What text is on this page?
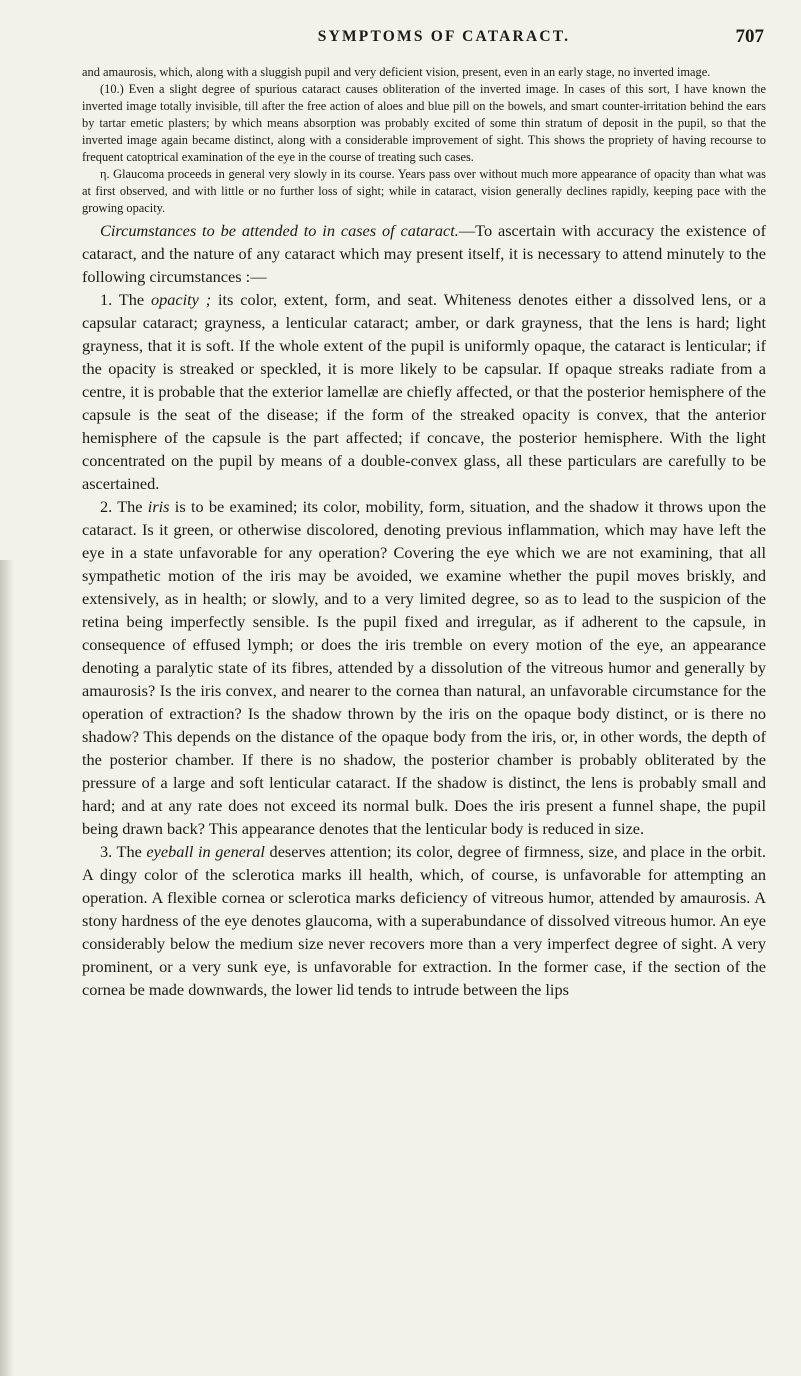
SYMPTOMS OF CATARACT.	707

and amaurosis, which, along with a sluggish pupil and very deficient vision, present, even in an early stage, no inverted image.

(10.) Even a slight degree of spurious cataract causes obliteration of the inverted image. In cases of this sort, I have known the inverted image totally invisible, till after the free action of aloes and blue pill on the bowels, and smart counter-irritation behind the ears by tartar emetic plasters; by which means absorption was probably excited of some thin stratum of deposit in the pupil, so that the inverted image again became distinct, along with a considerable improvement of sight. This shows the propriety of having recourse to frequent catoptrical examination of the eye in the course of treating such cases.

η. Glaucoma proceeds in general very slowly in its course. Years pass over without much more appearance of opacity than what was at first observed, and with little or no further loss of sight; while in cataract, vision generally declines rapidly, keeping pace with the growing opacity.

Circumstances to be attended to in cases of cataract.—To ascertain with accuracy the existence of cataract, and the nature of any cataract which may present itself, it is necessary to attend minutely to the following circumstances :—

1. The opacity ; its color, extent, form, and seat. Whiteness denotes either a dissolved lens, or a capsular cataract; grayness, a lenticular cataract; amber, or dark grayness, that the lens is hard; light grayness, that it is soft. If the whole extent of the pupil is uniformly opaque, the cataract is lenticular; if the opacity is streaked or speckled, it is more likely to be capsular. If opaque streaks radiate from a centre, it is probable that the exterior lamellæ are chiefly affected, or that the posterior hemisphere of the capsule is the seat of the disease; if the form of the streaked opacity is convex, that the anterior hemisphere of the capsule is the part affected; if concave, the posterior hemisphere. With the light concentrated on the pupil by means of a double-convex glass, all these particulars are carefully to be ascertained.

2. The iris is to be examined; its color, mobility, form, situation, and the shadow it throws upon the cataract. Is it green, or otherwise discolored, denoting previous inflammation, which may have left the eye in a state unfavorable for any operation? Covering the eye which we are not examining, that all sympathetic motion of the iris may be avoided, we examine whether the pupil moves briskly, and extensively, as in health; or slowly, and to a very limited degree, so as to lead to the suspicion of the retina being imperfectly sensible. Is the pupil fixed and irregular, as if adherent to the capsule, in consequence of effused lymph; or does the iris tremble on every motion of the eye, an appearance denoting a paralytic state of its fibres, attended by a dissolution of the vitreous humor and generally by amaurosis? Is the iris convex, and nearer to the cornea than natural, an unfavorable circumstance for the operation of extraction? Is the shadow thrown by the iris on the opaque body distinct, or is there no shadow? This depends on the distance of the opaque body from the iris, or, in other words, the depth of the posterior chamber. If there is no shadow, the posterior chamber is probably obliterated by the pressure of a large and soft lenticular cataract. If the shadow is distinct, the lens is probably small and hard; and at any rate does not exceed its normal bulk. Does the iris present a funnel shape, the pupil being drawn back? This appearance denotes that the lenticular body is reduced in size.

3. The eyeball in general deserves attention; its color, degree of firmness, size, and place in the orbit. A dingy color of the sclerotica marks ill health, which, of course, is unfavorable for attempting an operation. A flexible cornea or sclerotica marks deficiency of vitreous humor, attended by amaurosis. A stony hardness of the eye denotes glaucoma, with a superabundance of dissolved vitreous humor. An eye considerably below the medium size never recovers more than a very imperfect degree of sight. A very prominent, or a very sunk eye, is unfavorable for extraction. In the former case, if the section of the cornea be made downwards, the lower lid tends to intrude between the lips
